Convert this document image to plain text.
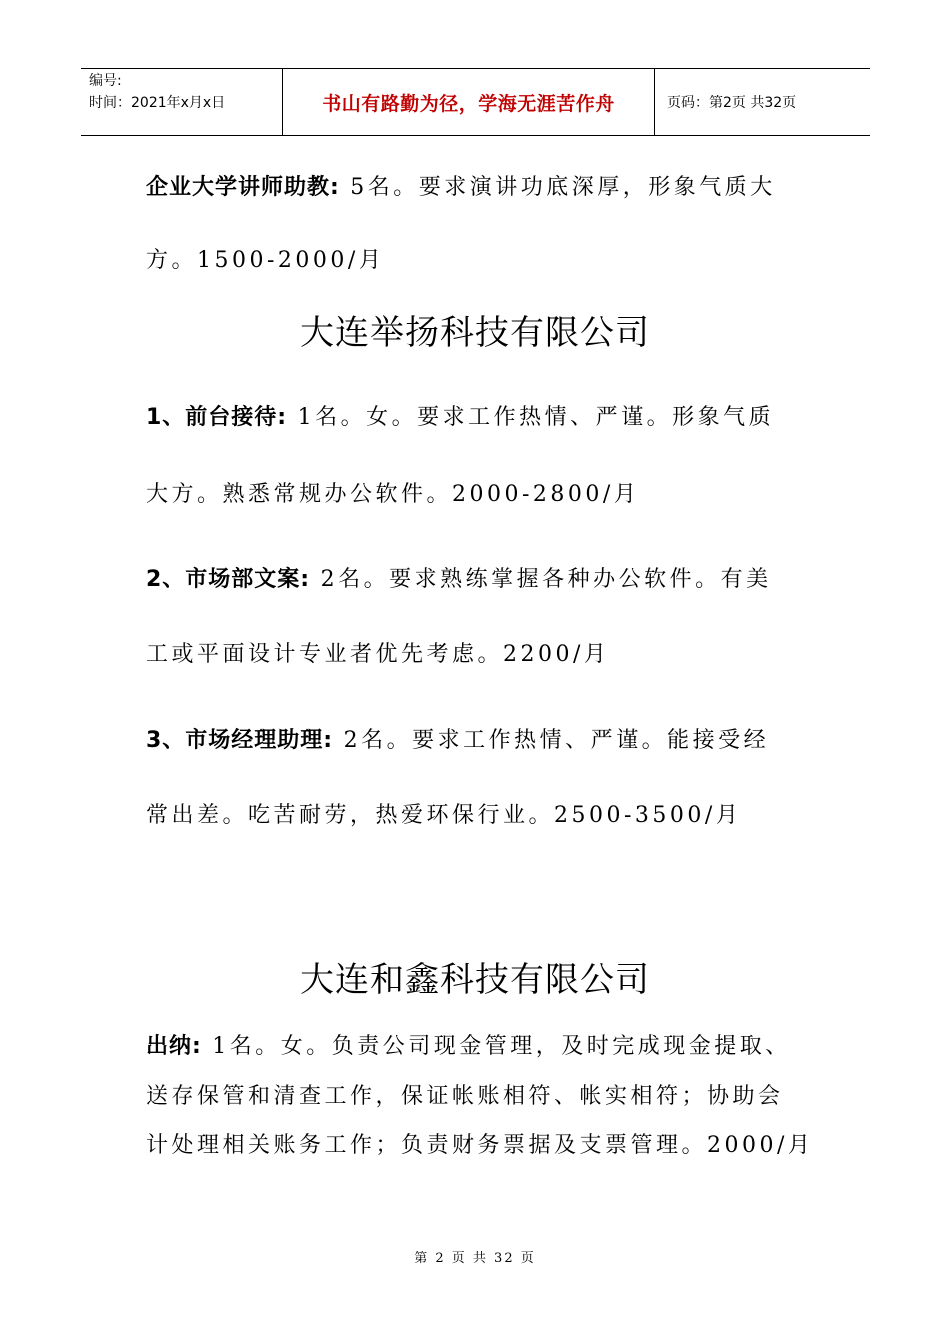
编号:
时间：2021年x月x日	书山有路勤为径，学海无涯苦作舟	页码：第2页 共32页
企业大学讲师助教: 5名。要求演讲功底深厚，形象气质大
方。1500-2000/月
大连举扬科技有限公司
1、前台接待: 1名。女。要求工作热情、严谨。形象气质
大方。熟悉常规办公软件。2000-2800/月
2、市场部文案: 2名。要求熟练掌握各种办公软件。有美
工或平面设计专业者优先考虑。2200/月
3、市场经理助理: 2名。要求工作热情、严谨。能接受经
常出差。吃苦耐劳，热爱环保行业。2500-3500/月
大连和鑫科技有限公司
出纳: 1名。女。负责公司现金管理，及时完成现金提取、
送存保管和清查工作，保证帐账相符、帐实相符；协助会
计处理相关账务工作；负责财务票据及支票管理。2000/月
第 2 页 共 32 页
